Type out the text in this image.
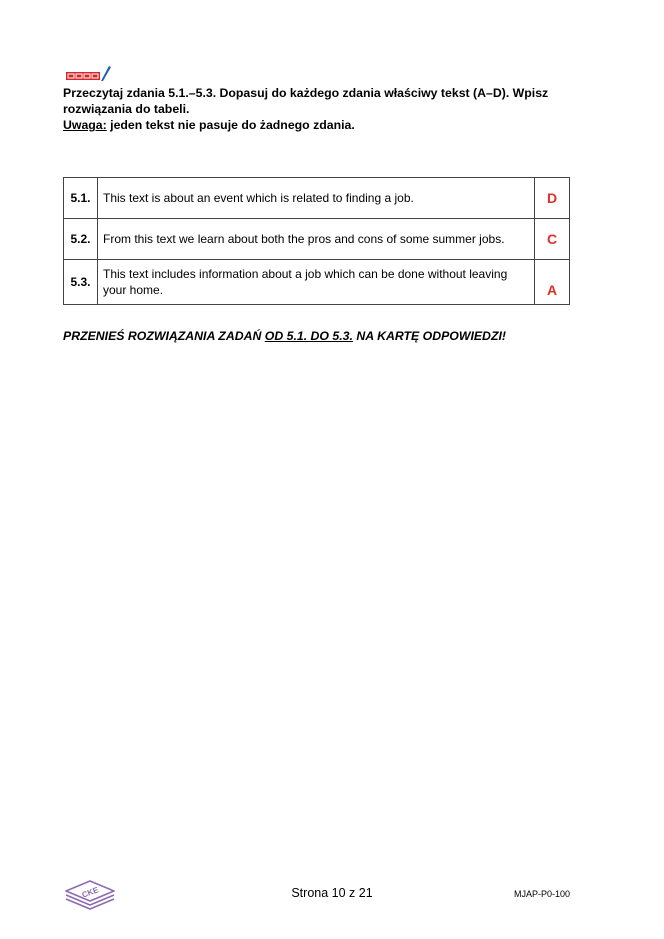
Przeczytaj zdania 5.1.–5.3. Dopasuj do każdego zdania właściwy tekst (A–D). Wpisz
rozwiązania do tabeli.

Uwaga: jeden tekst nie pasuje do żadnego zdania.

5.1.	This text is about an event which is related to finding a job.	D
5.2.	From this text we learn about both the pros and cons of some summer jobs.	C
5.3.	This text includes information about a job which can be done without leaving your home.	A
PRZENIEŚ ROZWIĄZANIA ZADAŃ OD 5.1. DO 5.3. NA KARTĘ ODPOWIEDZI!
CKE	Strona 10 z 21	MJAP-P0-100
